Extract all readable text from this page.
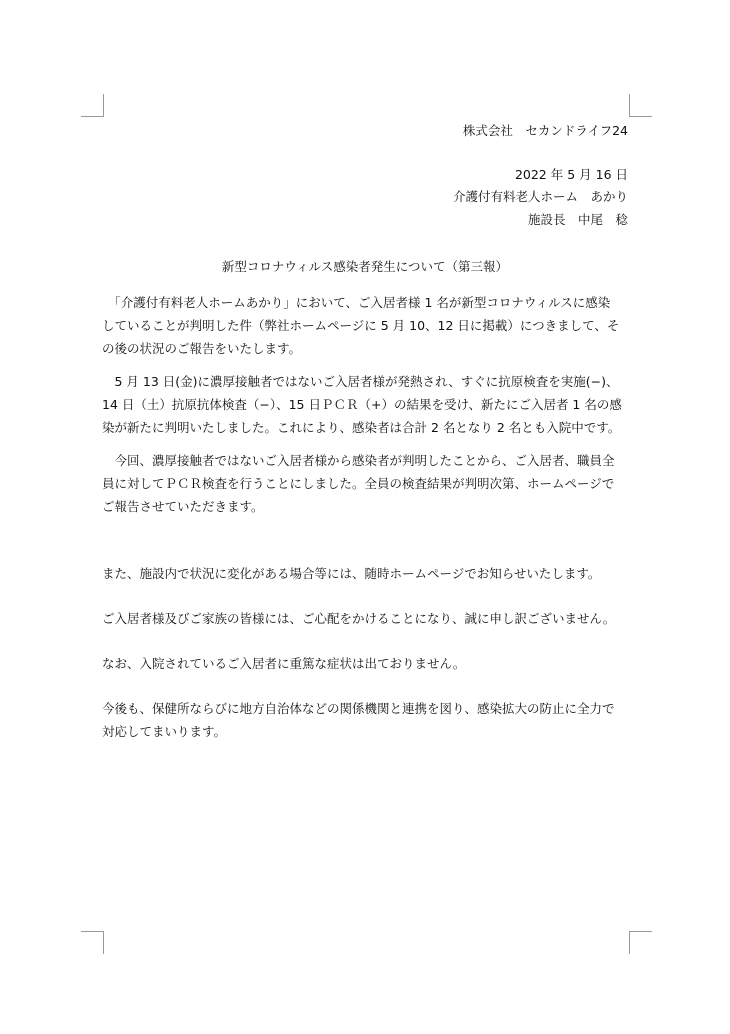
株式会社　セカンドライフ24
2022 年 5 月 16 日
介護付有料老人ホーム　あかり
施設長　中尾　稔
新型コロナウィルス感染者発生について（第三報）
　「介護付有料老人ホームあかり」において、ご入居者様 1 名が新型コロナウィルスに感染
していることが判明した件（弊社ホームページに 5 月 10、12 日に掲載）につきまして、そ
の後の状況のご報告をいたします。
　5 月 13 日(金)に濃厚接触者ではないご入居者様が発熱され、すぐに抗原検査を実施(−)、
14 日（土）抗原抗体検査（−）、15 日ＰＣＲ（+）の結果を受け、新たにご入居者 1 名の感
染が新たに判明いたしました。これにより、感染者は合計 2 名となり 2 名とも入院中です。
　今回、濃厚接触者ではないご入居者様から感染者が判明したことから、ご入居者、職員全
員に対してＰＣＲ検査を行うことにしました。全員の検査結果が判明次第、ホームページで
ご報告させていただきます。
また、施設内で状況に変化がある場合等には、随時ホームページでお知らせいたします。
ご入居者様及びご家族の皆様には、ご心配をかけることになり、誠に申し訳ございません。
なお、入院されているご入居者に重篤な症状は出ておりません。
今後も、保健所ならびに地方自治体などの関係機関と連携を図り、感染拡大の防止に全力で
対応してまいります。
